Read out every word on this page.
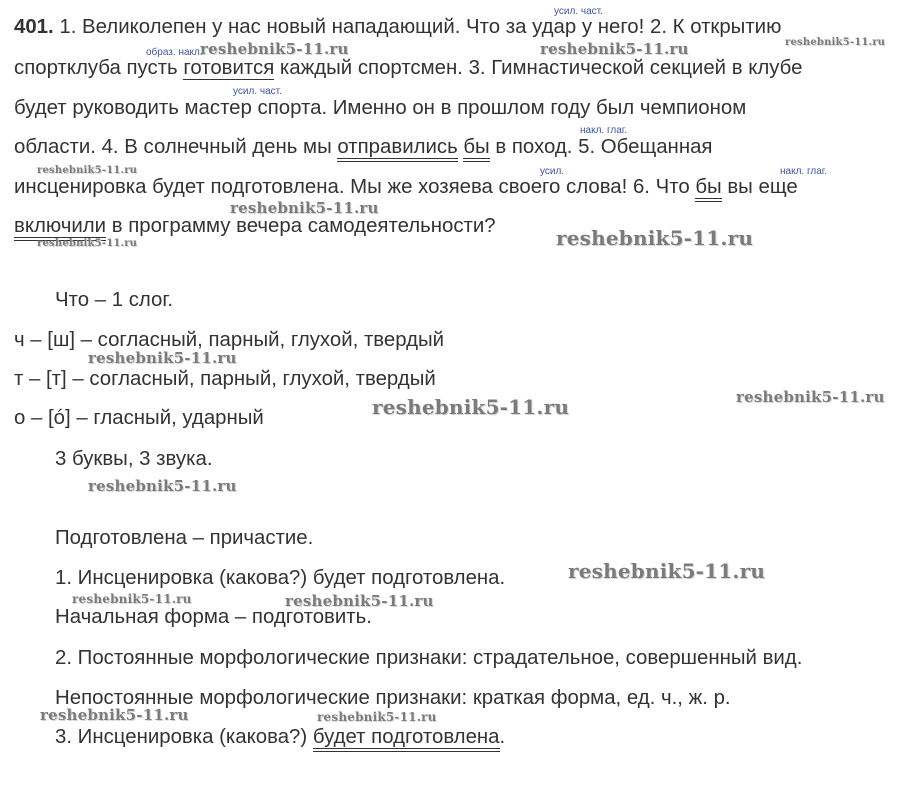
401. 1. Великолепен у нас новый нападающий. Что за удар у него! 2. К открытию
спортклуба пусть готовится каждый спортсмен. 3. Гимнастической секцией в клубе
будет руководить мастер спорта. Именно он в прошлом году был чемпионом
области. 4. В солнечный день мы отправились бы в поход. 5. Обещанная
инсценировка будет подготовлена. Мы же хозяева своего слова! 6. Что бы вы еще
включили в программу вечера самодеятельности?
усил. част.
образ. накл.
усил. част.
накл. глаг.
усил.	накл. глаг.
Что – 1 слог.
ч – [ш] – согласный, парный, глухой, твердый
т – [т] – согласный, парный, глухой, твердый
о – [ó] – гласный, ударный
3 буквы, 3 звука.
Подготовлена – причастие.
1. Инсценировка (какова?) будет подготовлена.
Начальная форма – подготовить.
2. Постоянные морфологические признаки: страдательное, совершенный вид.
Непостоянные морфологические признаки: краткая форма, ед. ч., ж. р.
3. Инсценировка (какова?) будет подготовлена.
reshebnik5-11.ru	reshebnik5-11.ru	reshebnik5-11.ru
reshebnik5-11.ru
reshebnik5-11.ru
reshebnik5-11.ru	reshebnik5-11.ru
reshebnik5-11.ru
reshebnik5-11.ru	reshebnik5-11.ru
reshebnik5-11.ru
reshebnik5-11.ru
reshebnik5-11.ru	reshebnik5-11.ru
reshebnik5-11.ru	reshebnik5-11.ru
